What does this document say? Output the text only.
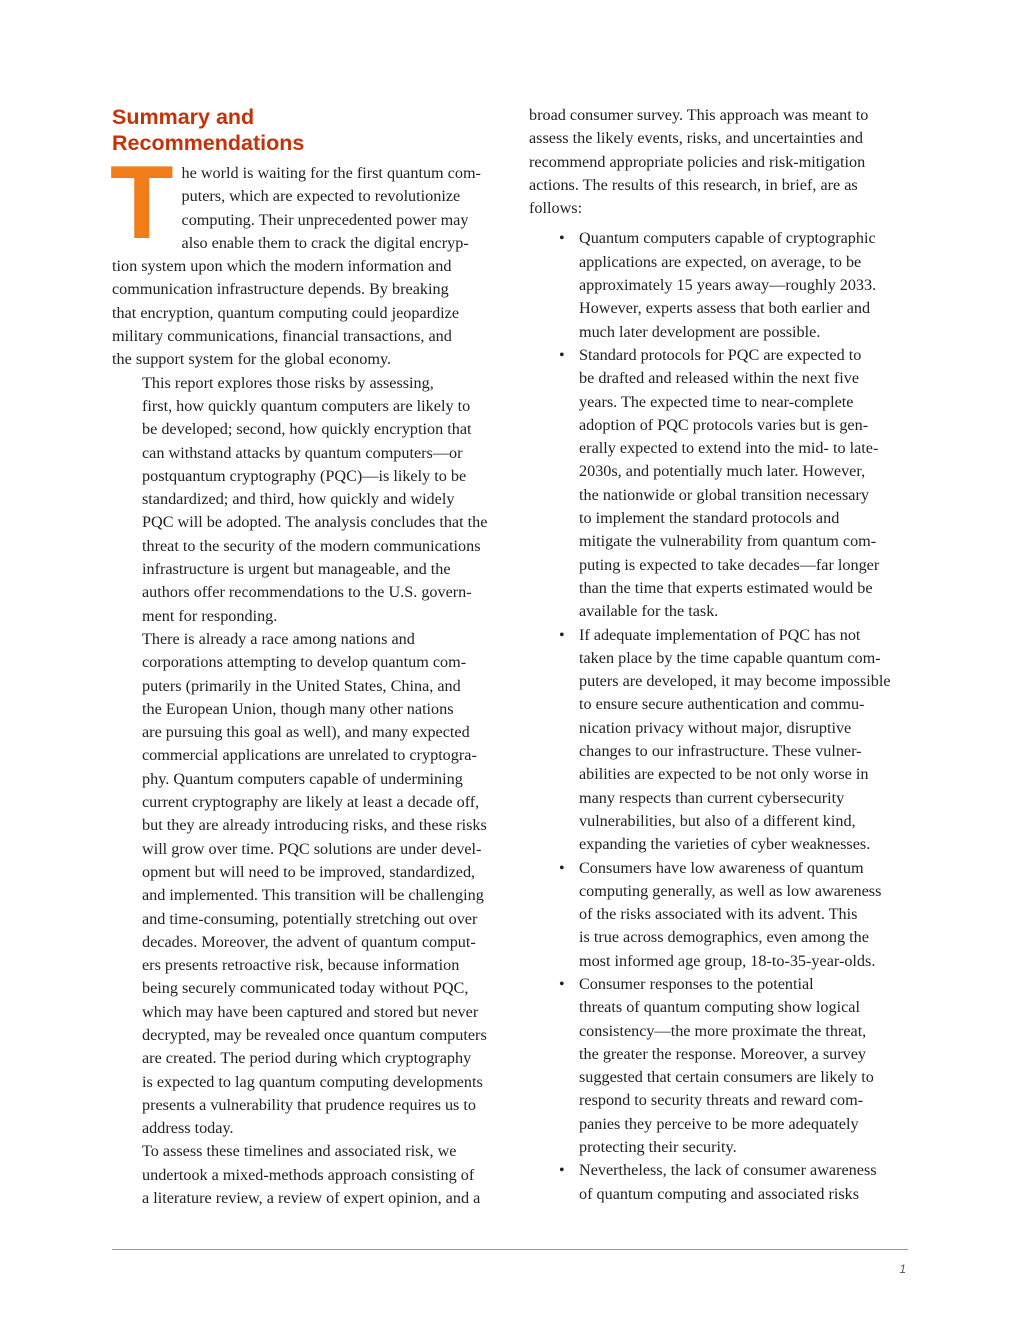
Summary and
Recommendations

T he world is waiting for the first quantum com-
puters, which are expected to revolutionize
computing. Their unprecedented power may
also enable them to crack the digital encryp-
tion system upon which the modern information and
communication infrastructure depends. By breaking
that encryption, quantum computing could jeopardize
military communications, financial transactions, and
the support system for the global economy.

This report explores those risks by assessing,
first, how quickly quantum computers are likely to
be developed; second, how quickly encryption that
can withstand attacks by quantum computers—or
postquantum cryptography (PQC)—is likely to be
standardized; and third, how quickly and widely
PQC will be adopted. The analysis concludes that the
threat to the security of the modern communications
infrastructure is urgent but manageable, and the
authors offer recommendations to the U.S. govern-
ment for responding.

There is already a race among nations and
corporations attempting to develop quantum com-
puters (primarily in the United States, China, and
the European Union, though many other nations
are pursuing this goal as well), and many expected
commercial applications are unrelated to cryptogra-
phy. Quantum computers capable of undermining
current cryptography are likely at least a decade off,
but they are already introducing risks, and these risks
will grow over time. PQC solutions are under devel-
opment but will need to be improved, standardized,
and implemented. This transition will be challenging
and time-consuming, potentially stretching out over
decades. Moreover, the advent of quantum comput-
ers presents retroactive risk, because information
being securely communicated today without PQC,
which may have been captured and stored but never
decrypted, may be revealed once quantum computers
are created. The period during which cryptography
is expected to lag quantum computing developments
presents a vulnerability that prudence requires us to
address today.

To assess these timelines and associated risk, we
undertook a mixed-methods approach consisting of
a literature review, a review of expert opinion, and a

broad consumer survey. This approach was meant to
assess the likely events, risks, and uncertainties and
recommend appropriate policies and risk-mitigation
actions. The results of this research, in brief, are as
follows:

• Quantum computers capable of cryptographic
applications are expected, on average, to be
approximately 15 years away—roughly 2033.
However, experts assess that both earlier and
much later development are possible.
• Standard protocols for PQC are expected to
be drafted and released within the next five
years. The expected time to near-complete
adoption of PQC protocols varies but is gen-
erally expected to extend into the mid- to late-
2030s, and potentially much later. However,
the nationwide or global transition necessary
to implement the standard protocols and
mitigate the vulnerability from quantum com-
puting is expected to take decades—far longer
than the time that experts estimated would be
available for the task.
• If adequate implementation of PQC has not
taken place by the time capable quantum com-
puters are developed, it may become impossible
to ensure secure authentication and commu-
nication privacy without major, disruptive
changes to our infrastructure. These vulner-
abilities are expected to be not only worse in
many respects than current cybersecurity
vulnerabilities, but also of a different kind,
expanding the varieties of cyber weaknesses.
• Consumers have low awareness of quantum
computing generally, as well as low awareness
of the risks associated with its advent. This
is true across demographics, even among the
most informed age group, 18-to-35-year-olds.
• Consumer responses to the potential
threats of quantum computing show logical
consistency—the more proximate the threat,
the greater the response. Moreover, a survey
suggested that certain consumers are likely to
respond to security threats and reward com-
panies they perceive to be more adequately
protecting their security.
• Nevertheless, the lack of consumer awareness
of quantum computing and associated risks
1
